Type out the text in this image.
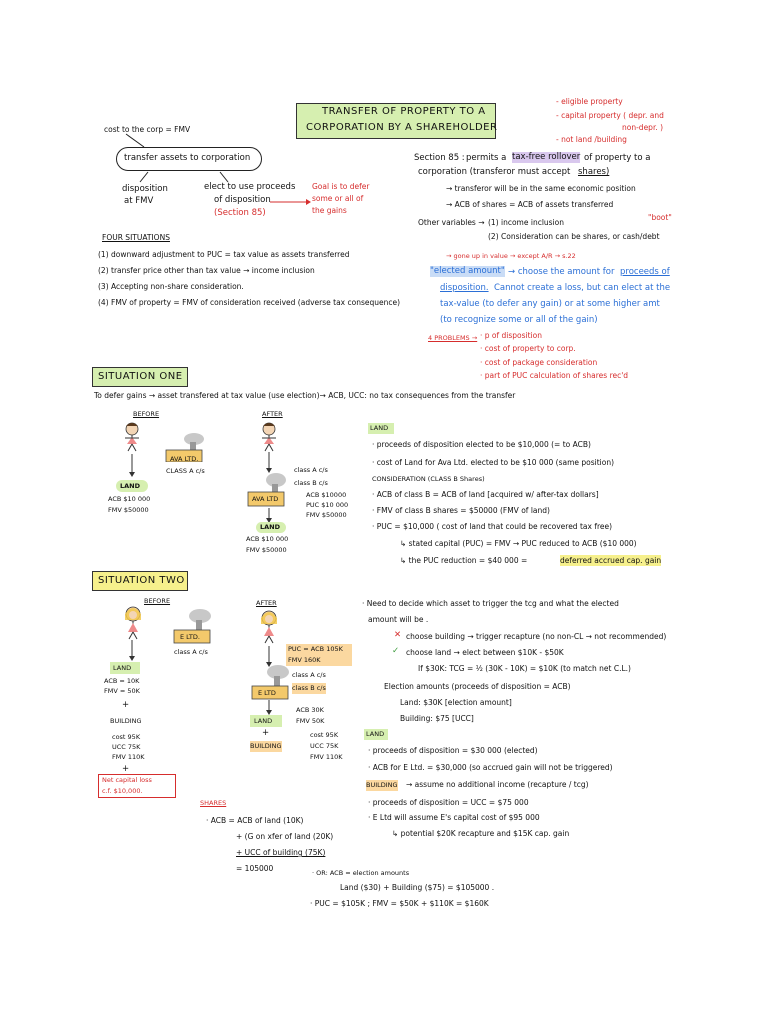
TRANSFER OF PROPERTY TO A
CORPORATION BY A SHAREHOLDER
- eligible property
- capital property ( depr. and
non-depr. )
- not land /building
cost to the corp = FMV
transfer assets to corporation
disposition
at FMV
elect to use proceeds
of disposition
(Section 85)
Goal is to defer
some or all of
the gains
Section 85 : permits a tax-free rollover of property to a
corporation (transferor must accept shares)
→ transferor will be in the same economic position
→ ACB of shares = ACB of assets transferred
Other variables → (1) income inclusion
"boot"
(2) Consideration can be shares, or cash/debt
→ gone up in value → except A/R → s.22
"elected amount" → choose the amount for proceeds of
disposition. Cannot create a loss, but can elect at the
tax-value (to defer any gain) or at some higher amt
(to recognize some or all of the gain)
4 PROBLEMS → · p of disposition
· cost of property to corp.
· cost of package consideration
· part of PUC calculation of shares rec'd
FOUR SITUATIONS
(1) downward adjustment to PUC = tax value as assets transferred
(2) transfer price other than tax value → income inclusion
(3) Accepting non-share consideration.
(4) FMV of property = FMV of consideration received (adverse tax consequence)
SITUATION ONE
To defer gains → asset transfered at tax value (use election)→ ACB, UCC: no tax consequences from the transfer
BEFORE	AFTER
AVA LTD.
CLASS A c/s
LAND
ACB $10 000
FMV $50000
class A c/s
class B c/s
AVA LTD	ACB $10000
PUC $10 000
FMV $50000
LAND
ACB $10 000
FMV $50000
LAND
· proceeds of disposition elected to be $10,000 (= to ACB)
· cost of Land for Ava Ltd. elected to be $10 000 (same position)
CONSIDERATION (CLASS B Shares)
· ACB of class B = ACB of land [acquired w/ after-tax dollars]
· FMV of class B shares = $50000 (FMV of land)
· PUC = $10,000 ( cost of land that could be recovered tax free)
↳ stated capital (PUC) = FMV → PUC reduced to ACB ($10 000)
↳ the PUC reduction = $40 000 =	deferred accrued cap. gain
SITUATION TWO
BEFORE	AFTER
E LTD.
class A c/s
LAND
ACB = 10K
FMV = 50K
+
BUILDING
cost 95K
UCC 75K
FMV 110K
+
Net capital loss
c.f. $10,000.
PUC = ACB 105K
FMV 160K
class A c/s
class B c/s
E LTD
LAND
ACB 30K
FMV 50K
+
BUILDING
cost 95K
UCC 75K
FMV 110K
· Need to decide which asset to trigger the tcg and what the elected
amount will be .
✕ choose building → trigger recapture (no non-CL → not recommended)
✓ choose land → elect between $10K - $50K
If $30K: TCG = ½ (30K - 10K) = $10K (to match net C.L.)
Election amounts (proceeds of disposition = ACB)
Land: $30K [election amount]
Building: $75 [UCC]
LAND
· proceeds of disposition = $30 000 (elected)
· ACB for E Ltd. = $30,000 (so accrued gain will not be triggered)
BUILDING → assume no additional income (recapture / tcg)
· proceeds of disposition = UCC = $75 000
· E Ltd will assume E's capital cost of $95 000
↳ potential $20K recapture and $15K cap. gain
SHARES
· ACB = ACB of land (10K)
+ (G on xfer of land (20K)
+ UCC of building (75K)
= 105000	· OR: ACB = election amounts
Land ($30) + Building ($75) = $105000 .
· PUC = $105K ; FMV = $50K + $110K = $160K
